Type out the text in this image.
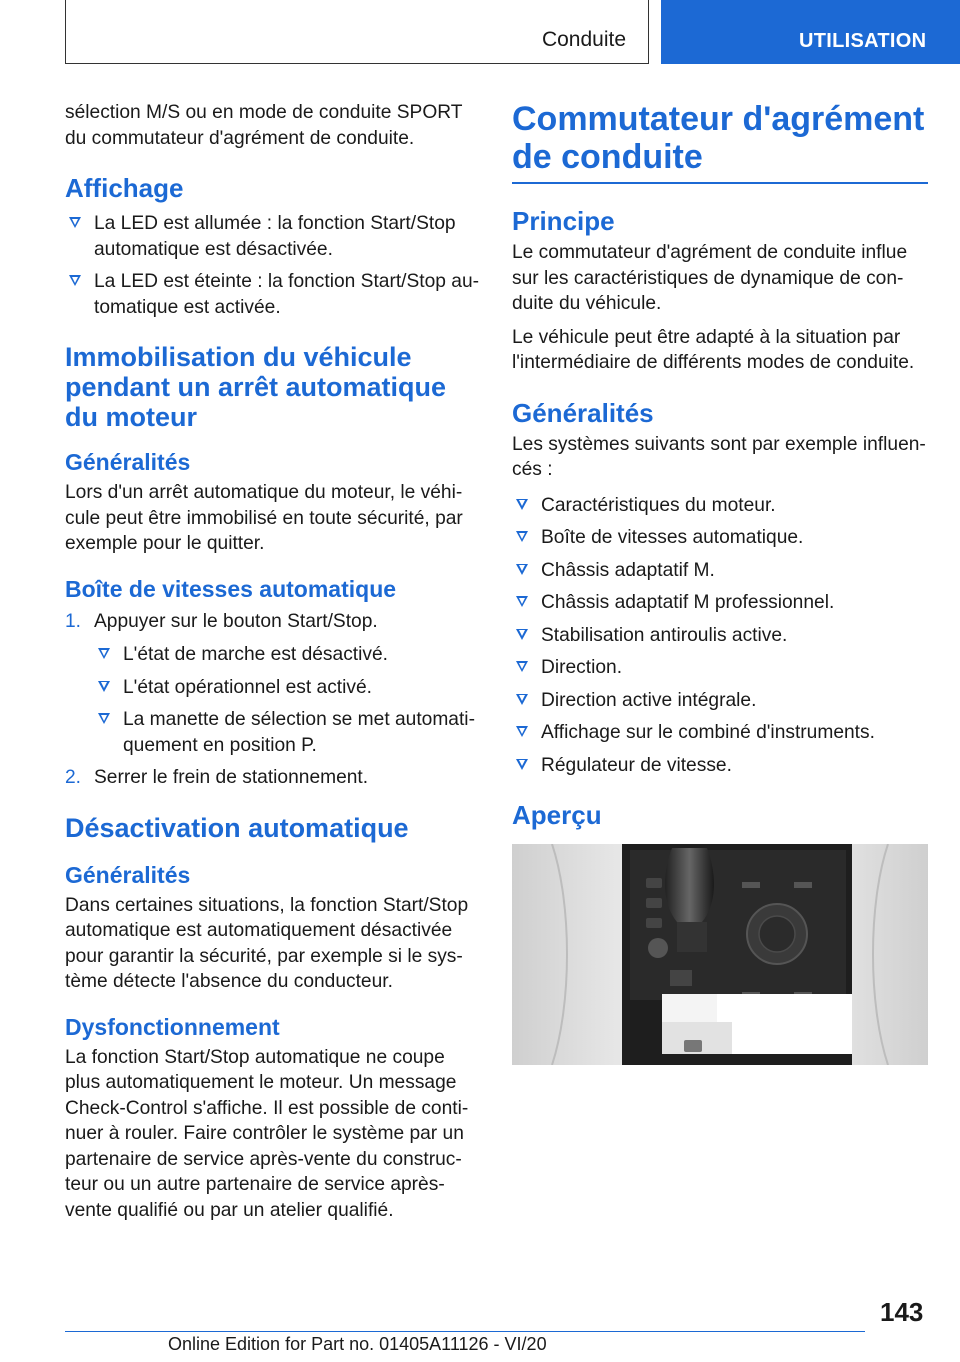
Conduite	UTILISATION

sélection M/S ou en mode de conduite SPORT du commutateur d'agrément de conduite.

Affichage
La LED est allumée : la fonction Start/Stop automatique est désactivée.
La LED est éteinte : la fonction Start/Stop au- tomatique est activée.
Immobilisation du véhicule pendant un arrêt automatique du moteur
Généralités

Lors d'un arrêt automatique du moteur, le véhi- cule peut être immobilisé en toute sécurité, par exemple pour le quitter.

Boîte de vitesses automatique
1. Appuyer sur le bouton Start/Stop.
L'état de marche est désactivé.
L'état opérationnel est activé.
La manette de sélection se met automati- quement en position P.
2. Serrer le frein de stationnement.
Désactivation automatique
Généralités

Dans certaines situations, la fonction Start/Stop automatique est automatiquement désactivée pour garantir la sécurité, par exemple si le sys- tème détecte l'absence du conducteur.

Dysfonctionnement

La fonction Start/Stop automatique ne coupe plus automatiquement le moteur. Un message Check-Control s'affiche. Il est possible de conti- nuer à rouler. Faire contrôler le système par un partenaire de service après-vente du construc- teur ou un autre partenaire de service après- vente qualifié ou par un atelier qualifié.

Commutateur d'agrément de conduite
Principe

Le commutateur d'agrément de conduite influe sur les caractéristiques de dynamique de con- duite du véhicule.

Le véhicule peut être adapté à la situation par l'intermédiaire de différents modes de conduite.

Généralités

Les systèmes suivants sont par exemple influen- cés :

Caractéristiques du moteur.
Boîte de vitesses automatique.
Châssis adaptatif M.
Châssis adaptatif M professionnel.
Stabilisation antiroulis active.
Direction.
Direction active intégrale.
Affichage sur le combiné d'instruments.
Régulateur de vitesse.
Aperçu
143
Online Edition for Part no. 01405A11126 - VI/20
